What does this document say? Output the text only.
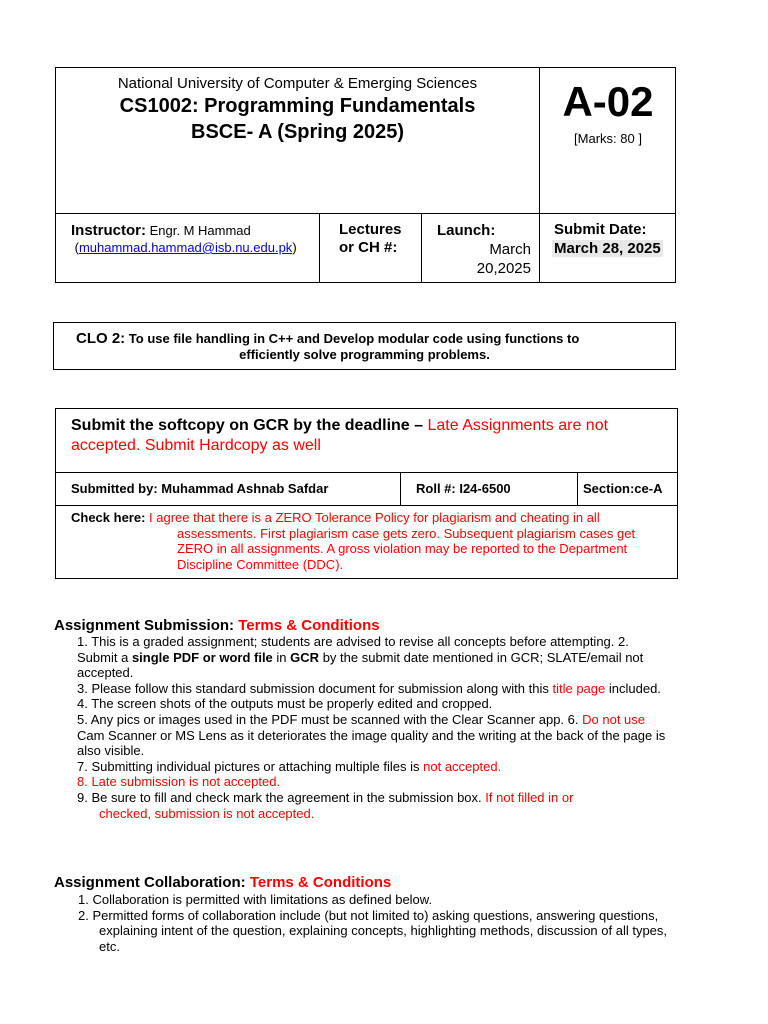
National University of Computer & Emerging Sciences
CS1002: Programming Fundamentals BSCE- A (Spring 2025)
A-02
[Marks: 80 ]
Instructor: Engr. M Hammad
(muhammad.hammad@isb.nu.edu.pk)
Lectures
or CH #:
Launch:
March
20,2025
Submit Date:
March 28, 2025
CLO 2: To use file handling in C++ and Develop modular code using functions to
efficiently solve programming problems.
Submit the softcopy on GCR by the deadline – Late Assignments are not accepted. Submit Hardcopy as well
Submitted by: Muhammad Ashnab Safdar	Roll #: I24-6500	Section:ce-A
Check here: I agree that there is a ZERO Tolerance Policy for plagiarism and cheating in all
assessments. First plagiarism case gets zero. Subsequent plagiarism cases get
ZERO in all assignments. A gross violation may be reported to the Department
Discipline Committee (DDC).
Assignment Submission: Terms & Conditions

1. This is a graded assignment; students are advised to revise all concepts before attempting. 2.

Submit a single PDF or word file in GCR by the submit date mentioned in GCR; SLATE/email not

accepted.

3. Please follow this standard submission document for submission along with this title page included.

4. The screen shots of the outputs must be properly edited and cropped.

5. Any pics or images used in the PDF must be scanned with the Clear Scanner app. 6. Do not use

Cam Scanner or MS Lens as it deteriorates the image quality and the writing at the back of the page is

also visible.

7. Submitting individual pictures or attaching multiple files is not accepted.

8. Late submission is not accepted.

9. Be sure to fill and check mark the agreement in the submission box. If not filled in or

checked, submission is not accepted.

Assignment Collaboration: Terms & Conditions

1. Collaboration is permitted with limitations as defined below.

2. Permitted forms of collaboration include (but not limited to) asking questions, answering questions,

explaining intent of the question, explaining concepts, highlighting methods, discussion of all types,

etc.
